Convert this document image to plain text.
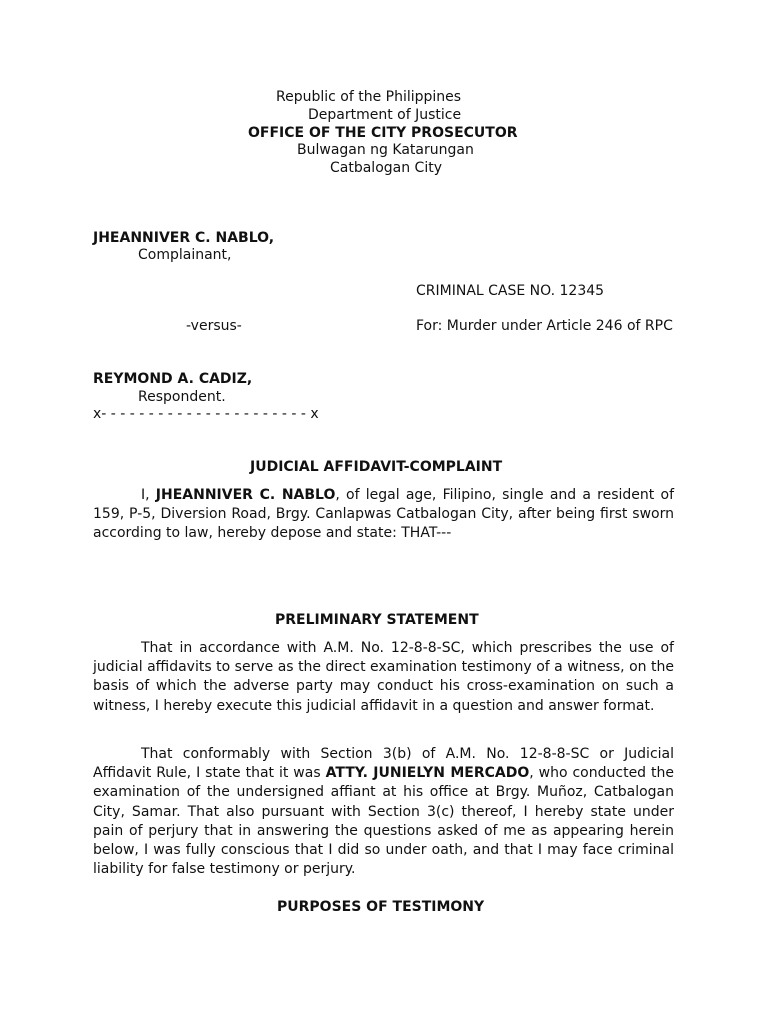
Republic of the Philippines
Department of Justice
OFFICE OF THE CITY PROSECUTOR
Bulwagan ng Katarungan
Catbalogan City
JHEANNIVER C. NABLO,
Complainant,
CRIMINAL CASE NO. 12345
-versus-	For: Murder under Article 246 of RPC
REYMOND A. CADIZ,
Respondent.
x- - - - - - - - - - - - - - - - - - - - - - x
JUDICIAL AFFIDAVIT-COMPLAINT

I, JHEANNIVER C. NABLO, of legal age, Filipino, single and a resident of 159, P-5, Diversion Road, Brgy. Canlapwas Catbalogan City, after being first sworn according to law, hereby depose and state: THAT---

PRELIMINARY STATEMENT

That in accordance with A.M. No. 12-8-8-SC, which prescribes the use of judicial affidavits to serve as the direct examination testimony of a witness, on the basis of which the adverse party may conduct his cross-examination on such a witness, I hereby execute this judicial affidavit in a question and answer format.

That conformably with Section 3(b) of A.M. No. 12-8-8-SC or Judicial Affidavit Rule, I state that it was ATTY. JUNIELYN MERCADO, who conducted the examination of the undersigned affiant at his office at Brgy. Muñoz, Catbalogan City, Samar. That also pursuant with Section 3(c) thereof, I hereby state under pain of perjury that in answering the questions asked of me as appearing herein below, I was fully conscious that I did so under oath, and that I may face criminal liability for false testimony or perjury.

PURPOSES OF TESTIMONY
